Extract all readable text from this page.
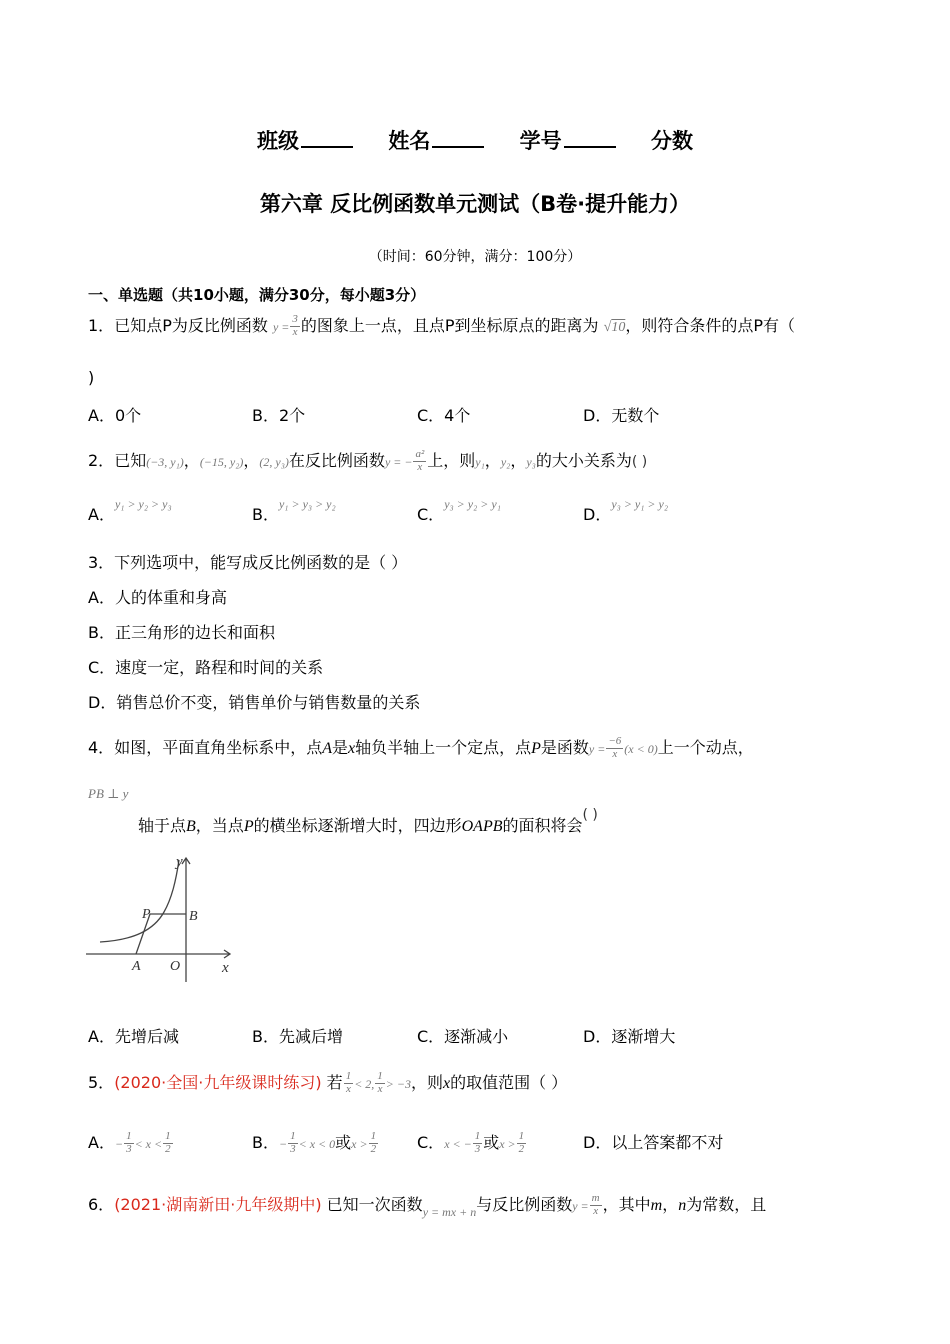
班级	姓名	学号	分数
第六章 反比例函数单元测试（B卷·提升能力）
（时间：60分钟，满分：100分）
一、单选题（共10小题，满分30分，每小题3分）
1．已知点P为反比例函数 $y = \frac{3}{x}$ 的图象上一点，且点P到坐标原点的距离为 √10，则符合条件的点P有（
)
A．0个	B．2个	C．4个	D．无数个
2．已知(−3, y₁)，(−15, y₂)，(2, y₃)在反比例函数y = − $\frac{\text{a²}}{x}$ 上，则y₁，y₂，y₃的大小关系为( )
A．$^{y_1 > y_2 > y_3}$
B．$^{y_1 > y_3 > y_2}$
C．$^{y_3 > y_2 > y_1}$
D．$^{y_3 > y_1 > y_2}$
3．下列选项中，能写成反比例函数的是（ ）
A．人的体重和身高
B．正三角形的边长和面积
C．速度一定，路程和时间的关系
D．销售总价不变，销售单价与销售数量的关系
4．如图，平面直角坐标系中，点A是x轴负半轴上一个定点，点P是函数$y = \frac{-6}{x} (x < 0)$上一个动点，
$^{PB \perp y}$
轴于点B，当点P的横坐标逐渐增大时，四边形OAPB的面积将会( )
y
x
P	B
A O
A．先增后减	B．先减后增	C．逐渐减小	D．逐渐增大
5．(2020·全国·九年级课时练习) 若 $\frac{1}{x} < 2$, $\frac{1}{x} > -3$，则x的取值范围（ ）
A．− $\frac{1}{3} < x < \frac{1}{2}$	B．− $\frac{1}{3} < x < 0$或$x > \frac{1}{2}$ C．x < − $\frac{1}{3}$ 或$x > \frac{1}{2}$	D．以上答案都不对
6．(2021·湖南新田·九年级期中) 已知一次函数$_{y = mx + n}$与反比例函数$y = \frac{m}{x}$ ，其中m，n为常数，且
